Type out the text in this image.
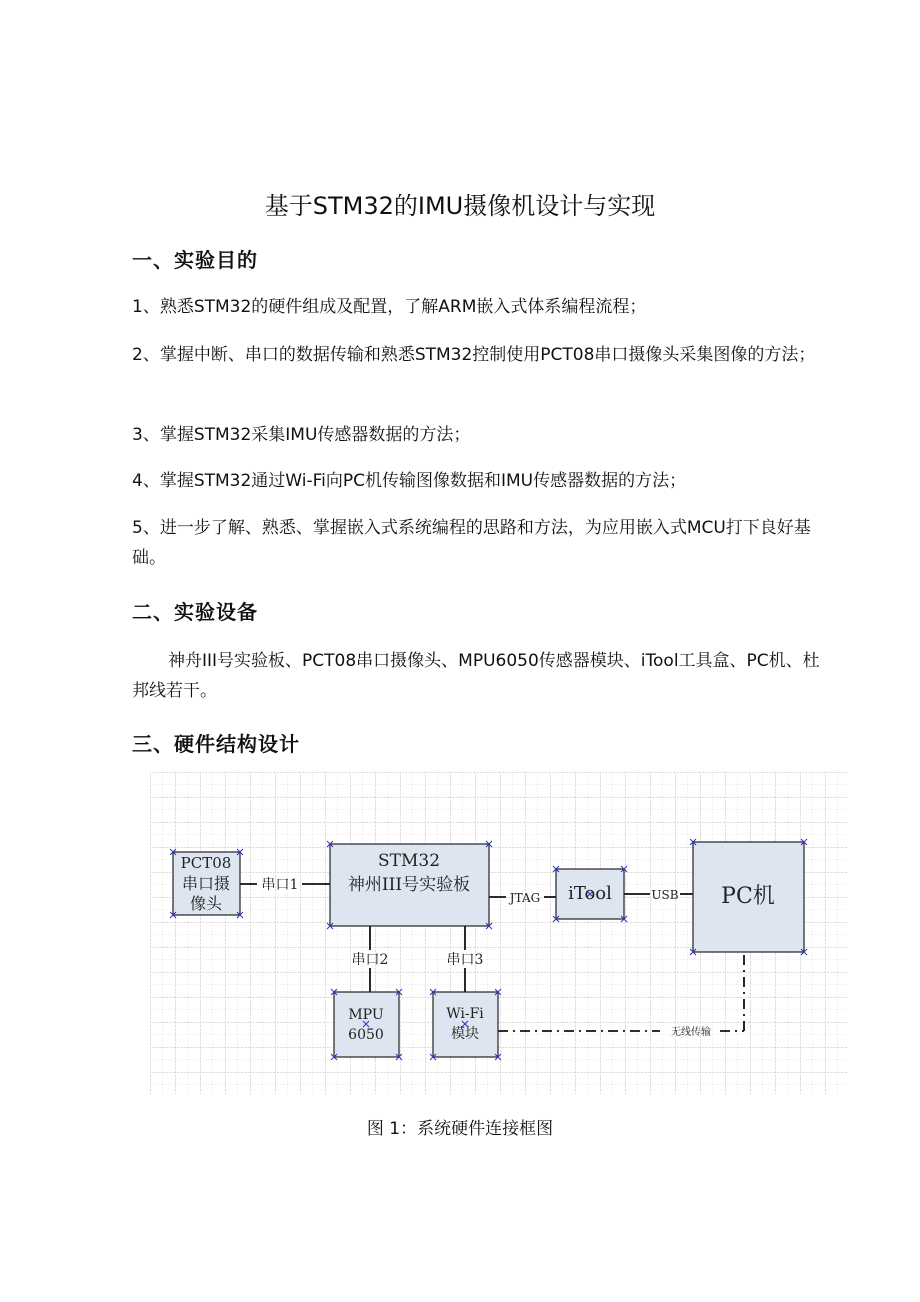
基于STM32的IMU摄像机设计与实现
一、实验目的
1、熟悉STM32的硬件组成及配置，了解ARM嵌入式体系编程流程；
2、掌握中断、串口的数据传输和熟悉STM32控制使用PCT08串口摄像头采集图像的方法；
3、掌握STM32采集IMU传感器数据的方法；
4、掌握STM32通过Wi-Fi向PC机传输图像数据和IMU传感器数据的方法；
5、进一步了解、熟悉、掌握嵌入式系统编程的思路和方法，为应用嵌入式MCU打下良好基础。
二、实验设备
神舟III号实验板、PCT08串口摄像头、MPU6050传感器模块、iTool工具盒、PC机、杜邦线若干。
三、硬件结构设计
PCT08
串口摄
像头
STM32
神州III号实验板	iTool	PC机
MPU
6050
Wi-Fi
模块
串口1
JTAG	USB
串口2	串口3
无线传输
图 1：系统硬件连接框图
